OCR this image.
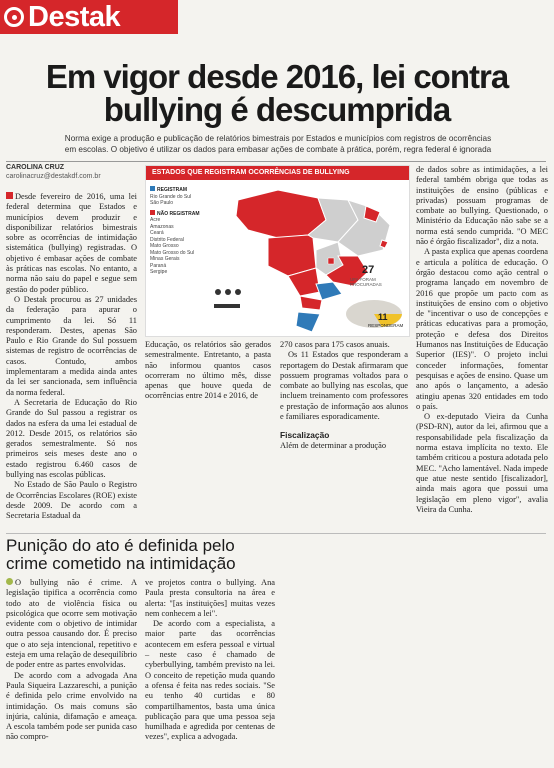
Destak
Em vigor desde 2016, lei contra
bullying é descumprida
Norma exige a produção e publicação de relatórios bimestrais por Estados e municípios com registros de ocorrências em escolas. O objetivo é utilizar os dados para embasar ações de combate à prática, porém, regra federal é ignorada
CAROLINA CRUZ
carolinacruz@destakdf.com.br

Desde fevereiro de 2016, uma lei federal determina que Estados e municípios devem produzir e disponibilizar relatórios bimestrais sobre as ocorrências de intimidação sistemática (bullying) registradas. O objetivo é embasar ações de combate às práticas nas escolas. No entanto, a norma não saiu do papel e segue sem gestão do poder público.

O Destak procurou as 27 unidades da federação para apurar o cumprimento da lei. Só 11 responderam. Destes, apenas São Paulo e Rio Grande do Sul possuem sistemas de registro de ocorrências de casos. Contudo, ambos implementaram a medida ainda antes da lei ser sancionada, sem influência da norma federal.

A Secretaria de Educação do Rio Grande do Sul passou a registrar os dados na esfera da uma lei estadual de 2012. Desde 2015, os relatórios são gerados semestralmente. Só nos primeiros seis meses deste ano o estado registrou 6.460 casos de bullying nas escolas públicas.

No Estado de São Paulo o Registro de Ocorrências Escolares (ROE) existe desde 2009. De acordo com a Secretaria Estadual da

ESTADOS QUE REGISTRAM OCORRÊNCIAS DE BULLYING
REGISTRAM
Rio Grande do Sul
São Paulo
NÃO REGISTRAM
Acre
Amazonas
Ceará
Distrito Federal
Mato Grosso
Mato Grosso do Sul
Minas Gerais
Paraná
Sergipe	27
UFs FORAM PROCURADAS
11
RESPONDERAM

Educação, os relatórios são gerados semestralmente. Entretanto, a pasta não informou quantos casos ocorreram no último mês, disse apenas que houve queda de ocorrências entre 2014 e 2016, de

270 casos para 175 casos anuais.

Os 11 Estados que responderam a reportagem do Destak afirmaram que possuem programas voltados para o combate ao bullying nas escolas, que incluem treinamento com professores e prestação de informação aos alunos e familiares esporadicamente.

Fiscalização

Além de determinar a produção

de dados sobre as intimidações, a lei federal também obriga que todas as instituições de ensino (públicas e privadas) possuam programas de combate ao bullying. Questionado, o Ministério da Educação não sabe se a norma está sendo cumprida. "O MEC não é órgão fiscalizador", diz a nota.

A pasta explica que apenas coordena e articula a política de educação. O órgão destacou como ação central o programa lançado em novembro de 2016 que propõe um pacto com as instituições de ensino com o objetivo de "incentivar o uso de concepções e práticas educativas para a promoção, proteção e defesa dos Direitos Humanos nas Instituições de Educação Superior (IES)". O projeto inclui conceder informações, fomentar pesquisas e ações de ensino. Quase um ano após o lançamento, a adesão atingiu apenas 320 entidades em todo o país.

O ex-deputado Vieira da Cunha (PSD-RN), autor da lei, afirmou que a responsabilidade pela fiscalização da norma estava implícita no texto. Ele também criticou a postura adotada pelo MEC. "Acho lamentável. Nada impede que atue neste sentido [fiscalizador], ainda mais agora que possui uma legislação em pleno vigor", avalia Vieira da Cunha.

Punição do ato é definida pelo
crime cometido na intimidação

O bullying não é crime. A legislação tipifica a ocorrência como todo ato de violência física ou psicológica que ocorre sem motivação evidente com o objetivo de intimidar outra pessoa causando dor. É preciso que o ato seja intencional, repetitivo e esteja em uma relação de desequilíbrio de poder entre as partes envolvidas.

De acordo com a advogada Ana Paula Siqueira Lazzareschi, a punição é definida pelo crime envolvido na intimidação. Os mais comuns são injúria, calúnia, difamação e ameaça. A escola também pode ser punida caso não compro-

ve projetos contra o bullying. Ana Paula presta consultoria na área e alerta: "[as instituições] muitas vezes nem conhecem a lei".

De acordo com a especialista, a maior parte das ocorrências acontecem em esfera pessoal e virtual – neste caso é chamado de cyberbullying, também previsto na lei. O conceito de repetição muda quando a ofensa é feita nas redes sociais. "Se eu tenho 40 curtidas e 80 compartilhamentos, basta uma única publicação para que uma pessoa seja humilhada e agredida por centenas de vezes", explica a advogada.
